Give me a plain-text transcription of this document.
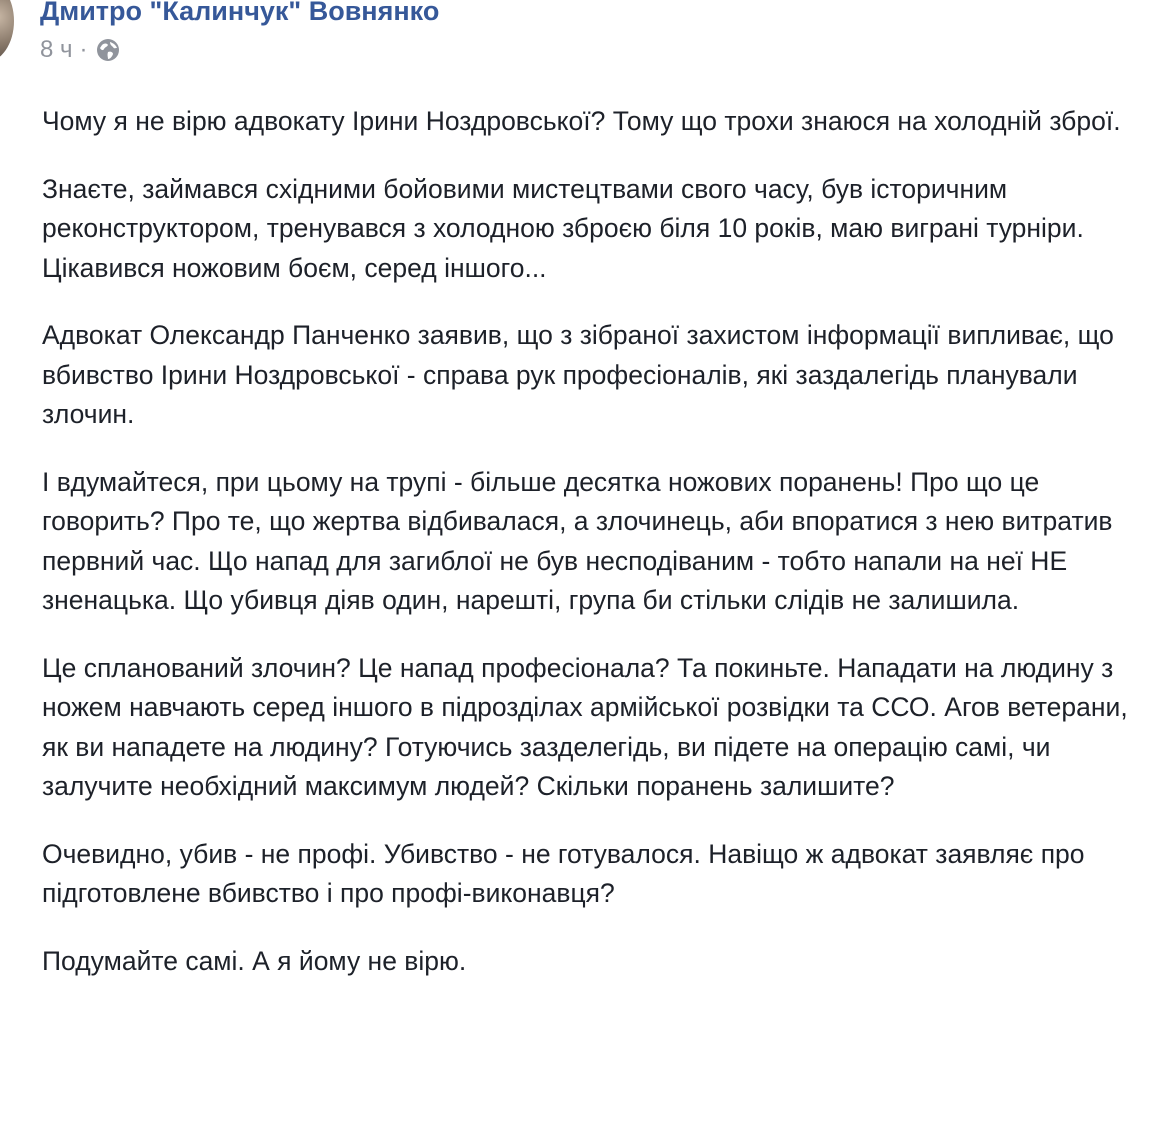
Дмитро "Калинчук" Вовнянко
8 ч ·

Чому я не вірю адвокату Ірини Ноздровської? Тому що трохи знаюся на холодній зброї.

Знаєте, займався східними бойовими мистецтвами свого часу, був історичним реконструктором, тренувався з холодною зброєю біля 10 років, маю виграні турніри. Цікавився ножовим боєм, серед іншого...

Адвокат Олександр Панченко заявив, що з зібраної захистом інформації випливає, що вбивство Ірини Ноздровської - справа рук професіоналів, які заздалегідь планували злочин.

І вдумайтеся, при цьому на трупі - більше десятка ножових поранень! Про що це говорить? Про те, що жертва відбивалася, а злочинець, аби впоратися з нею витратив первний час. Що напад для загиблої не був несподіваним - тобто напали на неї НЕ зненацька. Що убивця діяв один, нарешті, група би стільки слідів не залишила.

Це спланований злочин? Це напад професіонала? Та покиньте. Нападати на людину з ножем навчають серед іншого в підрозділах армійської розвідки та ССО. Агов ветерани, як ви нападете на людину? Готуючись зазделегідь, ви підете на операцію самі, чи залучите необхідний максимум людей? Скільки поранень залишите?

Очевидно, убив - не профі. Убивство - не готувалося. Навіщо ж адвокат заявляє про підготовлене вбивство і про профі-виконавця?

Подумайте самі. А я йому не вірю.
